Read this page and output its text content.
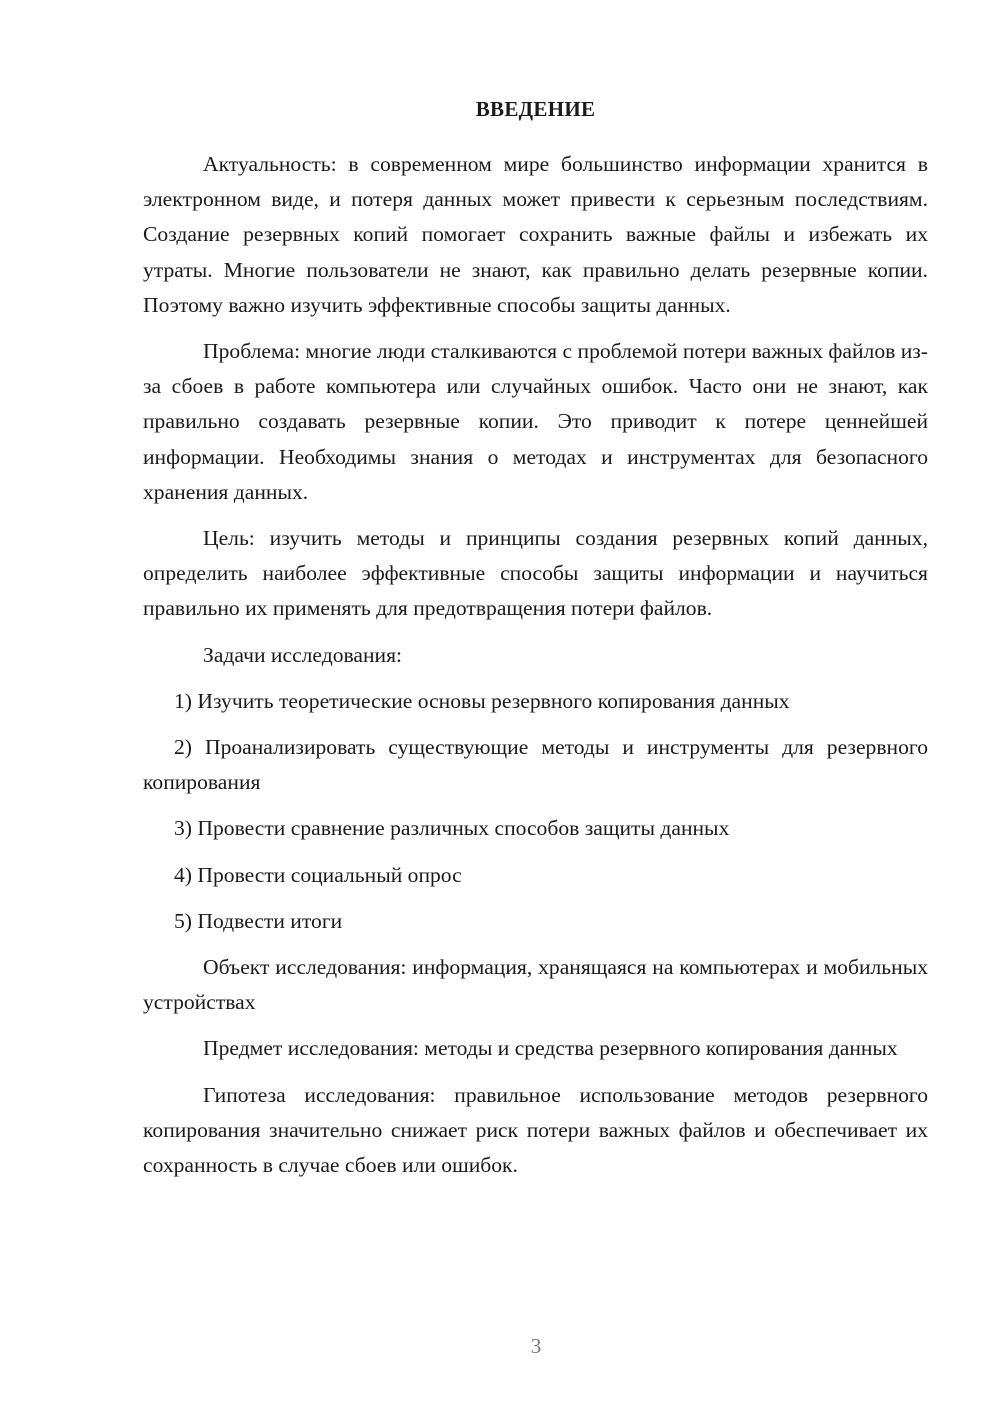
ВВЕДЕНИЕ

Актуальность: в современном мире большинство информации хранится в электронном виде, и потеря данных может привести к серьезным последствиям. Создание резервных копий помогает сохранить важные файлы и избежать их утраты. Многие пользователи не знают, как правильно делать резервные копии. Поэтому важно изучить эффективные способы защиты данных.

Проблема: многие люди сталкиваются с проблемой потери важных файлов из-за сбоев в работе компьютера или случайных ошибок. Часто они не знают, как правильно создавать резервные копии. Это приводит к потере ценнейшей информации. Необходимы знания о методах и инструментах для безопасного хранения данных.

Цель: изучить методы и принципы создания резервных копий данных, определить наиболее эффективные способы защиты информации и научиться правильно их применять для предотвращения потери файлов.

Задачи исследования:

1) Изучить теоретические основы резервного копирования данных

2) Проанализировать существующие методы и инструменты для резервного копирования

3) Провести сравнение различных способов защиты данных

4) Провести социальный опрос

5) Подвести итоги

Объект исследования: информация, хранящаяся на компьютерах и мобильных устройствах

Предмет исследования: методы и средства резервного копирования данных

Гипотеза исследования: правильное использование методов резервного копирования значительно снижает риск потери важных файлов и обеспечивает их сохранность в случае сбоев или ошибок.

3
